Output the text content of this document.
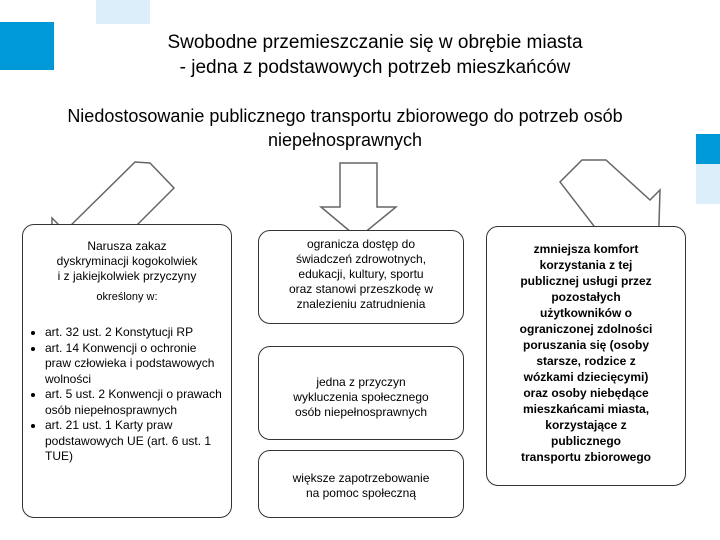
Swobodne przemieszczanie się w obrębie miasta
- jedna z podstawowych potrzeb mieszkańców
Niedostosowanie publicznego transportu zbiorowego do potrzeb osób
niepełnosprawnych
Narusza zakaz
dyskryminacji kogokolwiek
i z jakiejkolwiek przyczyny
określony w:
• art. 32 ust. 2 Konstytucji RP
• art. 14 Konwencji o ochronie praw człowieka i podstawowych wolności
• art. 5 ust. 2 Konwencji o prawach osób niepełnosprawnych
• art. 21 ust. 1 Karty praw podstawowych UE (art. 6 ust. 1 TUE)
ogranicza dostęp do
świadczeń zdrowotnych,
edukacji, kultury, sportu
oraz stanowi przeszkodę w
znalezieniu zatrudnienia
jedna z przyczyn
wykluczenia społecznego
osób niepełnosprawnych
większe zapotrzebowanie
na pomoc społeczną
zmniejsza komfort
korzystania z tej
publicznej usługi przez
pozostałych
użytkowników o
ograniczonej zdolności
poruszania się (osoby
starsze, rodzice z
wózkami dziecięcymi)
oraz osoby niebędące
mieszkańcami miasta,
korzystające z
publicznego
transportu zbiorowego
